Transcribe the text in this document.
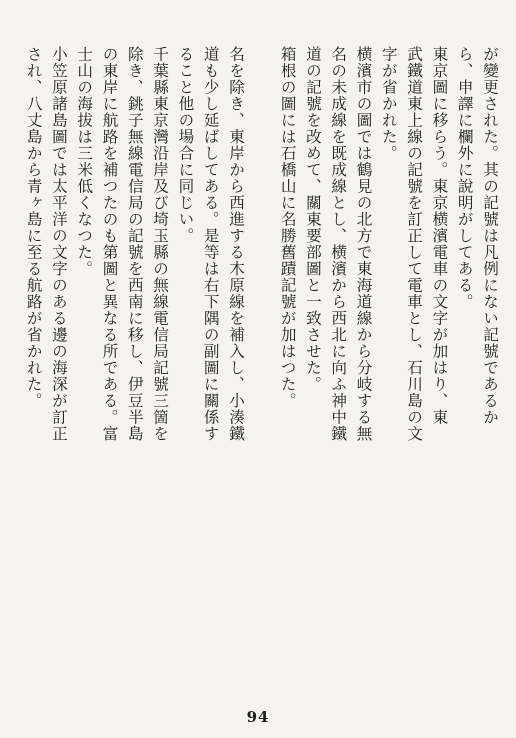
が變更された。其の記號は凡例にない記號であるか
ら、申譯に欄外に說明がしてある。
東京圖に移らう。東京横濱電車の文字が加はり、東
武鐵道東上線の記號を訂正して電車とし、石川島の文
字が省かれた。
横濱市の圖では鶴見の北方で東海道線から分岐する無
名の未成線を既成線とし、横濱から西北に向ふ神中鐵
道の記號を改めて、關東要部圖と一致させた。
箱根の圖には石橋山に名勝舊蹟記號が加はつた。
名を除き、東岸から西進する木原線を補入し、小湊鐵
道も少し延ばしてある。是等は右下隅の副圖に關係す
ること他の場合に同じい。
千葉縣東京灣沿岸及び埼玉縣の無線電信局記號三箇を
除き、銚子無線電信局の記號を西南に移し、伊豆半島
の東岸に航路を補つたのも第圖と異なる所である。富
士山の海拔は三米低くなつた。
小笠原諸島圖では太平洋の文字のある邊の海深が訂正
され、八丈島から青ヶ島に至る航路が省かれた。
94
